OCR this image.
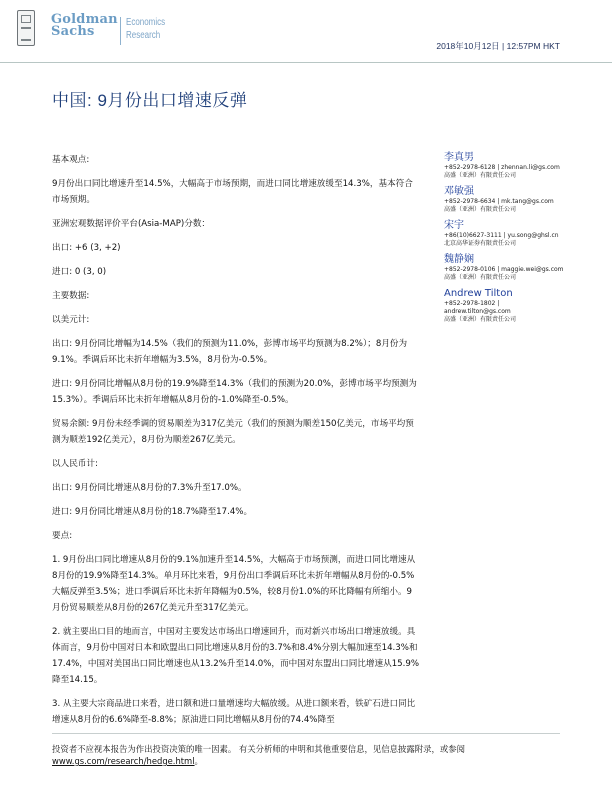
Goldman
Sachs
Economics
Research
2018年10月12日 | 12:57PM HKT
中国: 9月份出口增速反弹

基本观点:

9月份出口同比增速升至14.5%，大幅高于市场预期，而进口同比增速放缓至14.3%，基本符合市场预期。

亚洲宏观数据评价平台(Asia-MAP)分数：

出口: +6 (3, +2)

进口: 0 (3, 0)

主要数据:

以美元计:

出口: 9月份同比增幅为14.5%（我们的预测为11.0%，彭博市场平均预测为8.2%）；8月份为9.1%。季调后环比未折年增幅为3.5%，8月份为-0.5%。

进口: 9月份同比增幅从8月份的19.9%降至14.3%（我们的预测为20.0%，彭博市场平均预测为15.3%）。季调后环比未折年增幅从8月份的-1.0%降至-0.5%。

贸易余额: 9月份未经季调的贸易顺差为317亿美元（我们的预测为顺差150亿美元，市场平均预测为顺差192亿美元），8月份为顺差267亿美元。

以人民币计:

出口: 9月份同比增速从8月份的7.3%升至17.0%。

进口: 9月份同比增速从8月份的18.7%降至17.4%。

要点:

1. 9月份出口同比增速从8月份的9.1%加速升至14.5%，大幅高于市场预测，而进口同比增速从8月份的19.9%降至14.3%。单月环比来看，9月份出口季调后环比未折年增幅从8月份的-0.5%大幅反弹至3.5%；进口季调后环比未折年降幅为0.5%，较8月份1.0%的环比降幅有所缩小。9月份贸易顺差从8月份的267亿美元升至317亿美元。

2. 就主要出口目的地而言，中国对主要发达市场出口增速回升，而对新兴市场出口增速放缓。具体而言，9月份中国对日本和欧盟出口同比增速从8月份的3.7%和8.4%分别大幅加速至14.3%和17.4%，中国对美国出口同比增速也从13.2%升至14.0%，而中国对东盟出口同比增速从15.9%降至14.15。

3. 从主要大宗商品进口来看，进口额和进口量增速均大幅放缓。从进口额来看，铁矿石进口同比增速从8月份的6.6%降至-8.8%；原油进口同比增幅从8月份的74.4%降至

李真男
+852-2978-6128 | zhennan.li@gs.com
高盛（亚洲）有限责任公司
邓敏强
+852-2978-6634 | mk.tang@gs.com
高盛（亚洲）有限责任公司
宋宇
+86(10)6627-3111 | yu.song@ghsl.cn
北京高华证券有限责任公司
魏静娴
+852-2978-0106 | maggie.wei@gs.com
高盛（亚洲）有限责任公司
Andrew Tilton
+852-2978-1802 |
andrew.tilton@gs.com
高盛（亚洲）有限责任公司
投资者不应视本报告为作出投资决策的唯一因素。 有关分析师的申明和其他重要信息，见信息披露附录，或参阅
www.gs.com/research/hedge.html。
